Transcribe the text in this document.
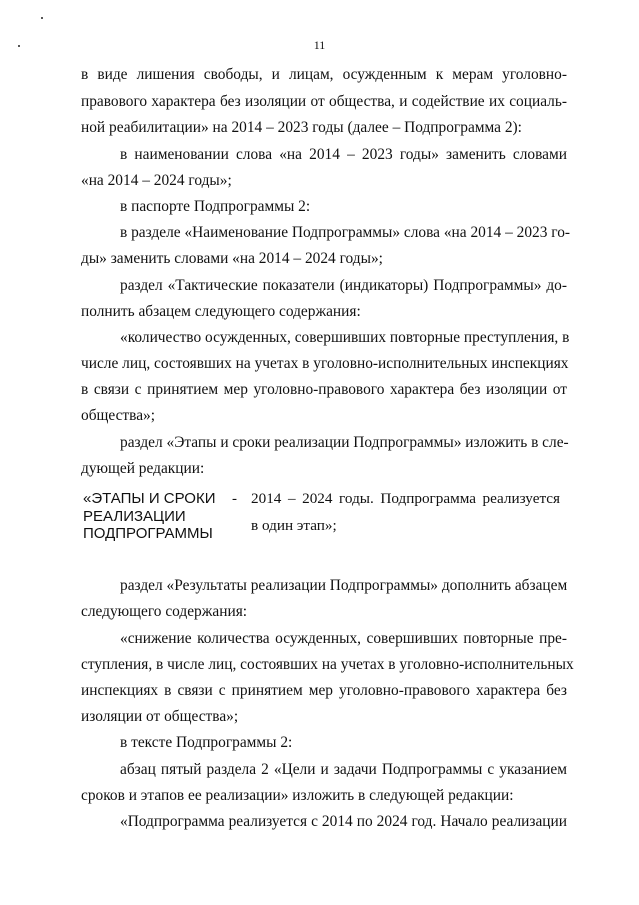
11
в виде лишения свободы, и лицам, осужденным к мерам уголовно-
правового характера без изоляции от общества, и содействие их социаль-
ной реабилитации» на 2014 – 2023 годы (далее – Подпрограмма 2):
в наименовании слова «на 2014 – 2023 годы» заменить словами
«на 2014 – 2024 годы»;
в паспорте Подпрограммы 2:
в разделе «Наименование Подпрограммы» слова «на 2014 – 2023 го-
ды» заменить словами «на 2014 – 2024 годы»;
раздел «Тактические показатели (индикаторы) Подпрограммы» до-
полнить абзацем следующего содержания:
«количество осужденных, совершивших повторные преступления, в
числе лиц, состоявших на учетах в уголовно-исполнительных инспекциях
в связи с принятием мер уголовно-правового характера без изоляции от
общества»;
раздел «Этапы и сроки реализации Подпрограммы» изложить в сле-
дующей редакции:
«ЭТАПЫ И СРОКИ
РЕАЛИЗАЦИИ
ПОДПРОГРАММЫ
- 2014 – 2024 годы. Подпрограмма реализуется
в один этап»;
раздел «Результаты реализации Подпрограммы» дополнить абзацем
следующего содержания:
«снижение количества осужденных, совершивших повторные пре-
ступления, в числе лиц, состоявших на учетах в уголовно-исполнительных
инспекциях в связи с принятием мер уголовно-правового характера без
изоляции от общества»;
в тексте Подпрограммы 2:
абзац пятый раздела 2 «Цели и задачи Подпрограммы с указанием
сроков и этапов ее реализации» изложить в следующей редакции:
«Подпрограмма реализуется с 2014 по 2024 год. Начало реализации
